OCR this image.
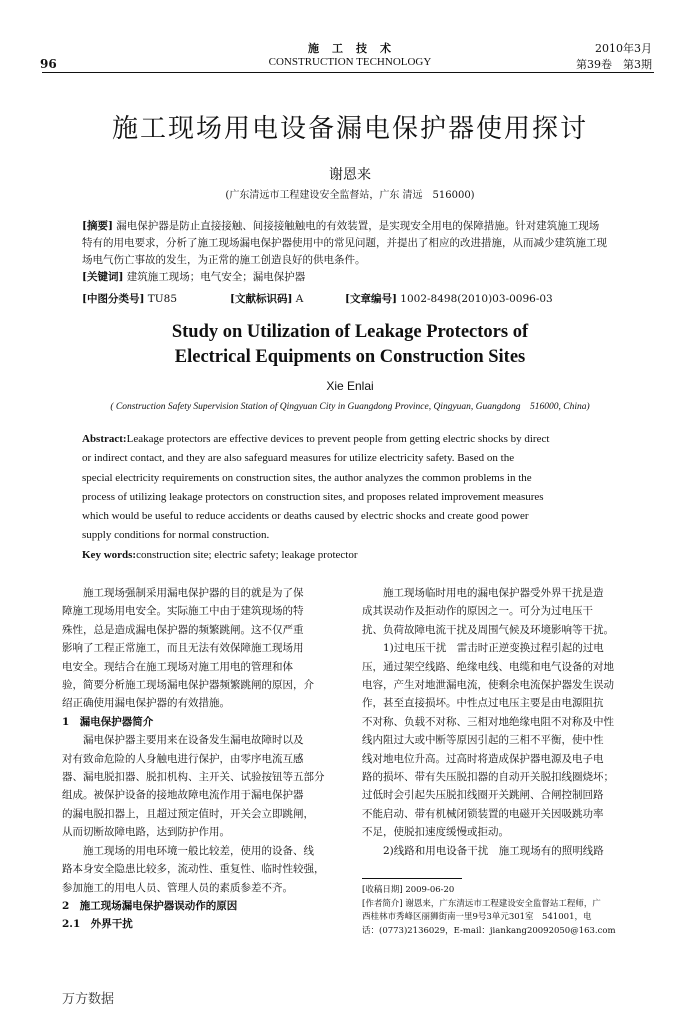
96
施　工　技　术
CONSTRUCTION TECHNOLOGY
2010年3月
第39卷　第3期
施工现场用电设备漏电保护器使用探讨
谢恩来
(广东清远市工程建设安全监督站，广东 清远　516000)

[摘要] 漏电保护器是防止直接接触、间接接触触电的有效装置，是实现安全用电的保障措施。针对建筑施工现场

特有的用电要求，分析了施工现场漏电保护器使用中的常见问题，并提出了相应的改进措施，从而减少建筑施工现

场电气伤亡事故的发生，为正常的施工创造良好的供电条件。

[关键词] 建筑施工现场；电气安全；漏电保护器

[中图分类号] TU85	[文献标识码] A	[文章编号] 1002-8498(2010)03-0096-03
Study on Utilization of Leakage Protectors of
Electrical Equipments on Construction Sites
Xie Enlai
( Construction Safety Supervision Station of Qingyuan City in Guangdong Province, Qingyuan, Guangdong　516000, China)

Abstract:Leakage protectors are effective devices to prevent people from getting electric shocks by direct

or indirect contact, and they are also safeguard measures for utilize electricity safety. Based on the

special electricity requirements on construction sites, the author analyzes the common problems in the

process of utilizing leakage protectors on construction sites, and proposes related improvement measures

which would be useful to reduce accidents or deaths caused by electric shocks and create good power

supply conditions for normal construction.

Key words:construction site; electric safety; leakage protector

施工现场强制采用漏电保护器的目的就是为了保

障施工现场用电安全。实际施工中由于建筑现场的特

殊性，总是造成漏电保护器的频繁跳闸。这不仅严重

影响了工程正常施工，而且无法有效保障施工现场用

电安全。现结合在施工现场对施工用电的管理和体

验，简要分析施工现场漏电保护器频繁跳闸的原因，介

绍正确使用漏电保护器的有效措施。

1　漏电保护器简介

漏电保护器主要用来在设备发生漏电故障时以及

对有致命危险的人身触电进行保护，由零序电流互感

器、漏电脱扣器、脱扣机构、主开关、试验按钮等五部分

组成。被保护设备的接地故障电流作用于漏电保护器

的漏电脱扣器上，且超过预定值时，开关会立即跳闸，

从而切断故障电路，达到防护作用。

施工现场的用电环境一般比较差，使用的设备、线

路本身安全隐患比较多，流动性、重复性、临时性较强，

参加施工的用电人员、管理人员的素质参差不齐。

2　施工现场漏电保护器误动作的原因

2.1　外界干扰

施工现场临时用电的漏电保护器受外界干扰是造

成其误动作及拒动作的原因之一。可分为过电压干

扰、负荷故障电流干扰及周围气候及环境影响等干扰。

1)过电压干扰　雷击时正逆变换过程引起的过电

压，通过架空线路、绝缘电线、电缆和电气设备的对地

电容，产生对地泄漏电流，使剩余电流保护器发生误动

作，甚至直接损坏。中性点过电压主要是由电源阻抗

不对称、负载不对称、三相对地绝缘电阻不对称及中性

线内阻过大或中断等原因引起的三相不平衡，使中性

线对地电位升高。过高时将造成保护器电源及电子电

路的损坏、带有失压脱扣器的自动开关脱扣线圈烧坏；

过低时会引起失压脱扣线圈开关跳闸、合闸控制回路

不能启动、带有机械闭锁装置的电磁开关因吸跳功率

不足，使脱扣速度缓慢或拒动。

2)线路和用电设备干扰　施工现场有的照明线路

[收稿日期] 2009-06-20

[作者简介] 谢恩来，广东清远市工程建设安全监督站工程师，广

西桂林市秀峰区丽狮街南一里9号3单元301室　541001，电

话：(0773)2136029，E-mail：jiankang20092050@163.com

万方数据
